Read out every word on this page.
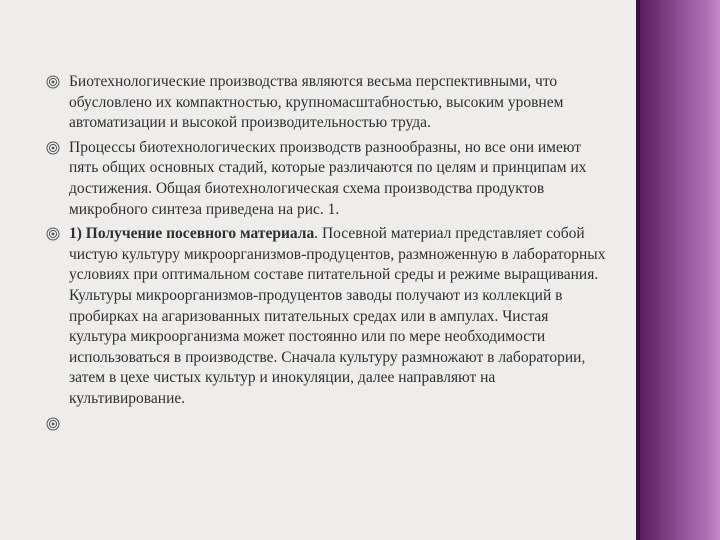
Биотехнологические производства являются весьма перспективными, что обусловлено их компактностью, крупномасштабностью, высоким уровнем автоматизации и высокой производительностью труда.
Процессы биотехнологических производств разнообразны, но все они имеют пять общих основных стадий, которые различаются по целям и принципам их достижения. Общая биотехнологическая схема производства продуктов микробного синтеза приведена на рис. 1.
1) Получение посевного материала. Посевной материал представляет собой чистую культуру микроорганизмов-продуцентов, размноженную в лабораторных условиях при оптимальном составе питательной среды и режиме выращивания. Культуры микроорганизмов-продуцентов заводы получают из коллекций в пробирках на агаризованных питательных средах или в ампулах. Чистая культура микроорганизма может постоянно или по мере необходимости использоваться в производстве. Сначала культуру размножают в лаборатории, затем в цехе чистых культур и инокуляции, далее направляют на культивирование.
